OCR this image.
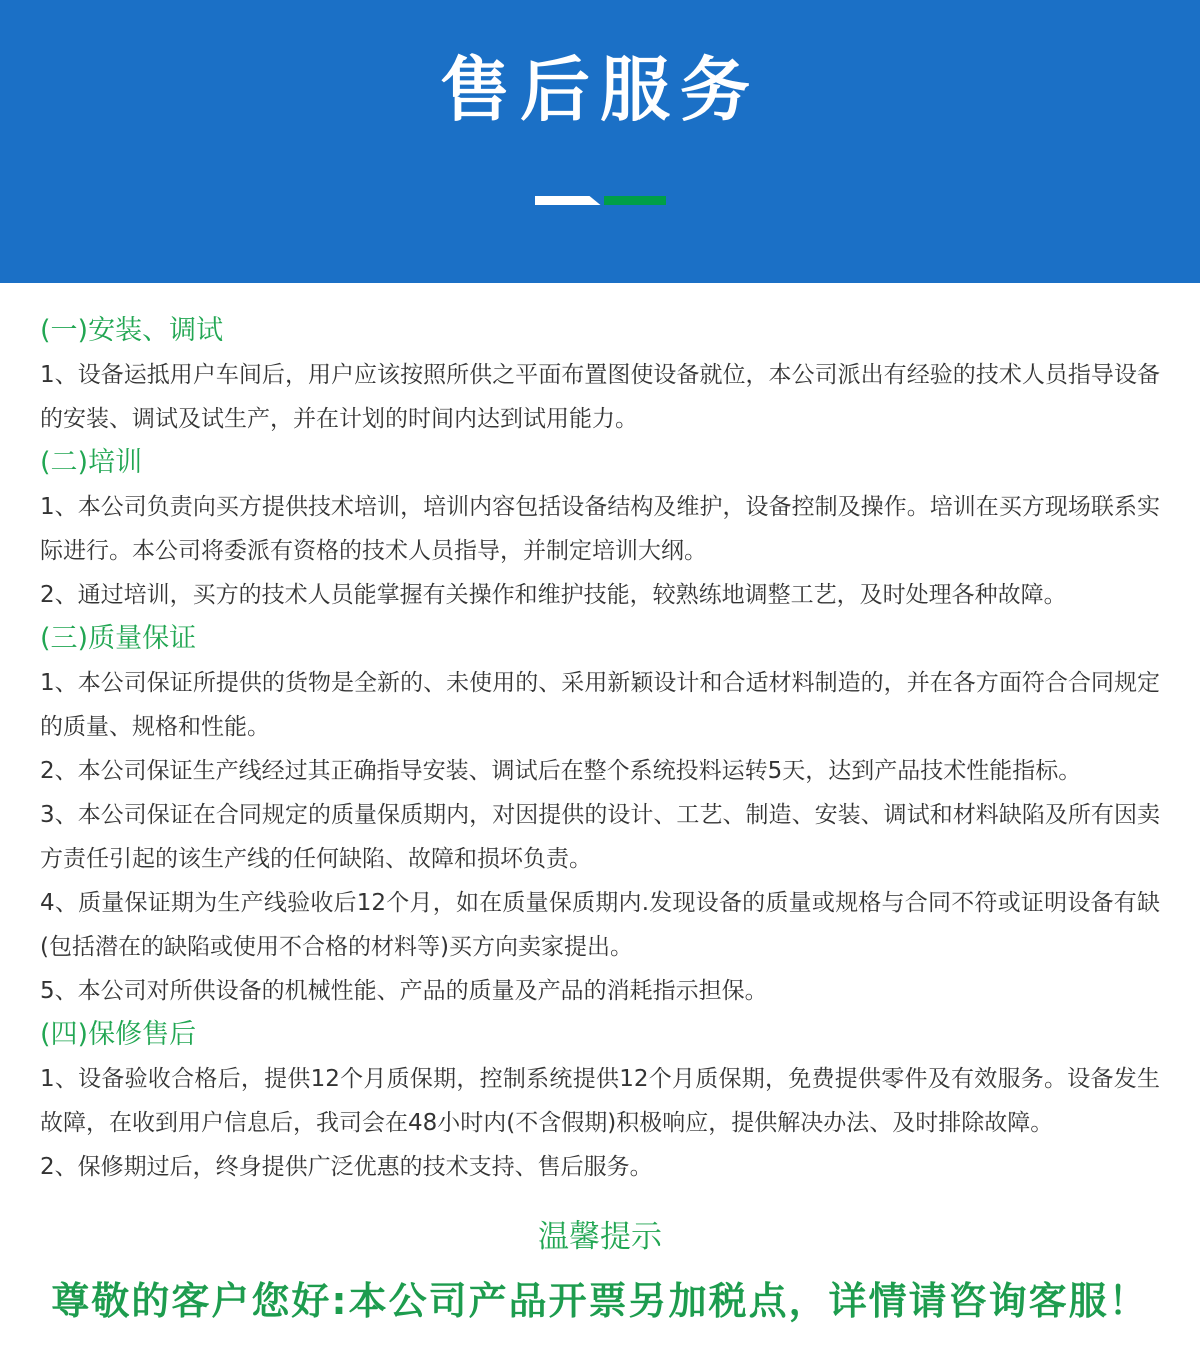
售后服务
(一)安装、调试

1、设备运抵用户车间后，用户应该按照所供之平面布置图使设备就位，本公司派出有经验的技术人员指导设备的安装、调试及试生产，并在计划的时间内达到试用能力。

(二)培训

1、本公司负责向买方提供技术培训，培训内容包括设备结构及维护，设备控制及操作。培训在买方现场联系实际进行。本公司将委派有资格的技术人员指导，并制定培训大纲。

2、通过培训，买方的技术人员能掌握有关操作和维护技能，较熟练地调整工艺，及时处理各种故障。

(三)质量保证

1、本公司保证所提供的货物是全新的、未使用的、采用新颖设计和合适材料制造的，并在各方面符合合同规定的质量、规格和性能。

2、本公司保证生产线经过其正确指导安装、调试后在整个系统投料运转5天，达到产品技术性能指标。

3、本公司保证在合同规定的质量保质期内，对因提供的设计、工艺、制造、安装、调试和材料缺陷及所有因卖方责任引起的该生产线的任何缺陷、故障和损坏负责。

4、质量保证期为生产线验收后12个月，如在质量保质期内.发现设备的质量或规格与合同不符或证明设备有缺(包括潜在的缺陷或使用不合格的材料等)买方向卖家提出。

5、本公司对所供设备的机械性能、产品的质量及产品的消耗指示担保。

(四)保修售后

1、设备验收合格后，提供12个月质保期，控制系统提供12个月质保期，免费提供零件及有效服务。设备发生故障，在收到用户信息后，我司会在48小时内(不含假期)积极响应，提供解决办法、及时排除故障。

2、保修期过后，终身提供广泛优惠的技术支持、售后服务。

温馨提示
尊敬的客户您好:本公司产品开票另加税点，详情请咨询客服！
